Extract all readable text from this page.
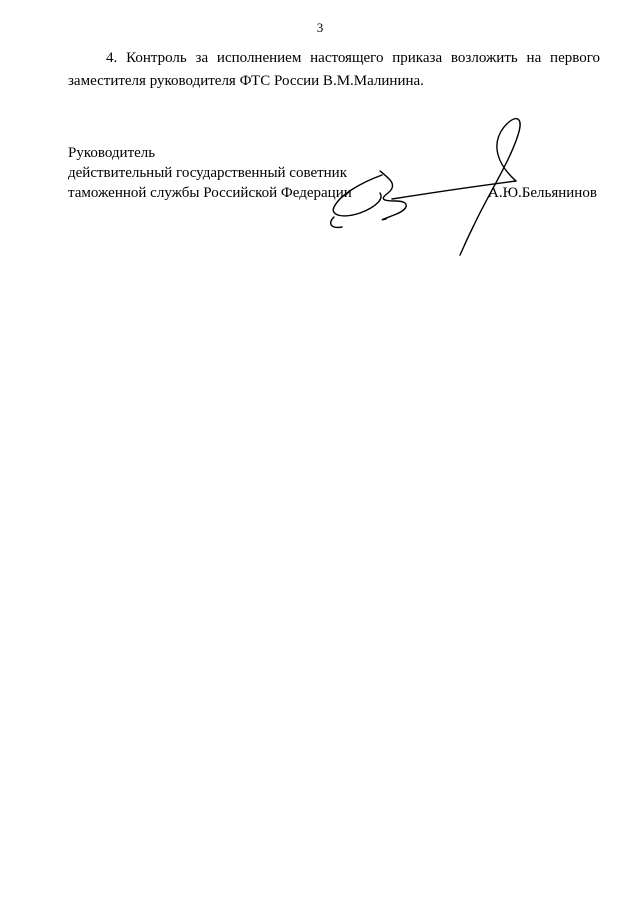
3

4. Контроль за исполнением настоящего приказа возложить на первого заместителя руководителя ФТС России В.М.Малинина.

Руководитель
действительный государственный советник
таможенной службы Российской Федерации	А.Ю.Бельянинов
